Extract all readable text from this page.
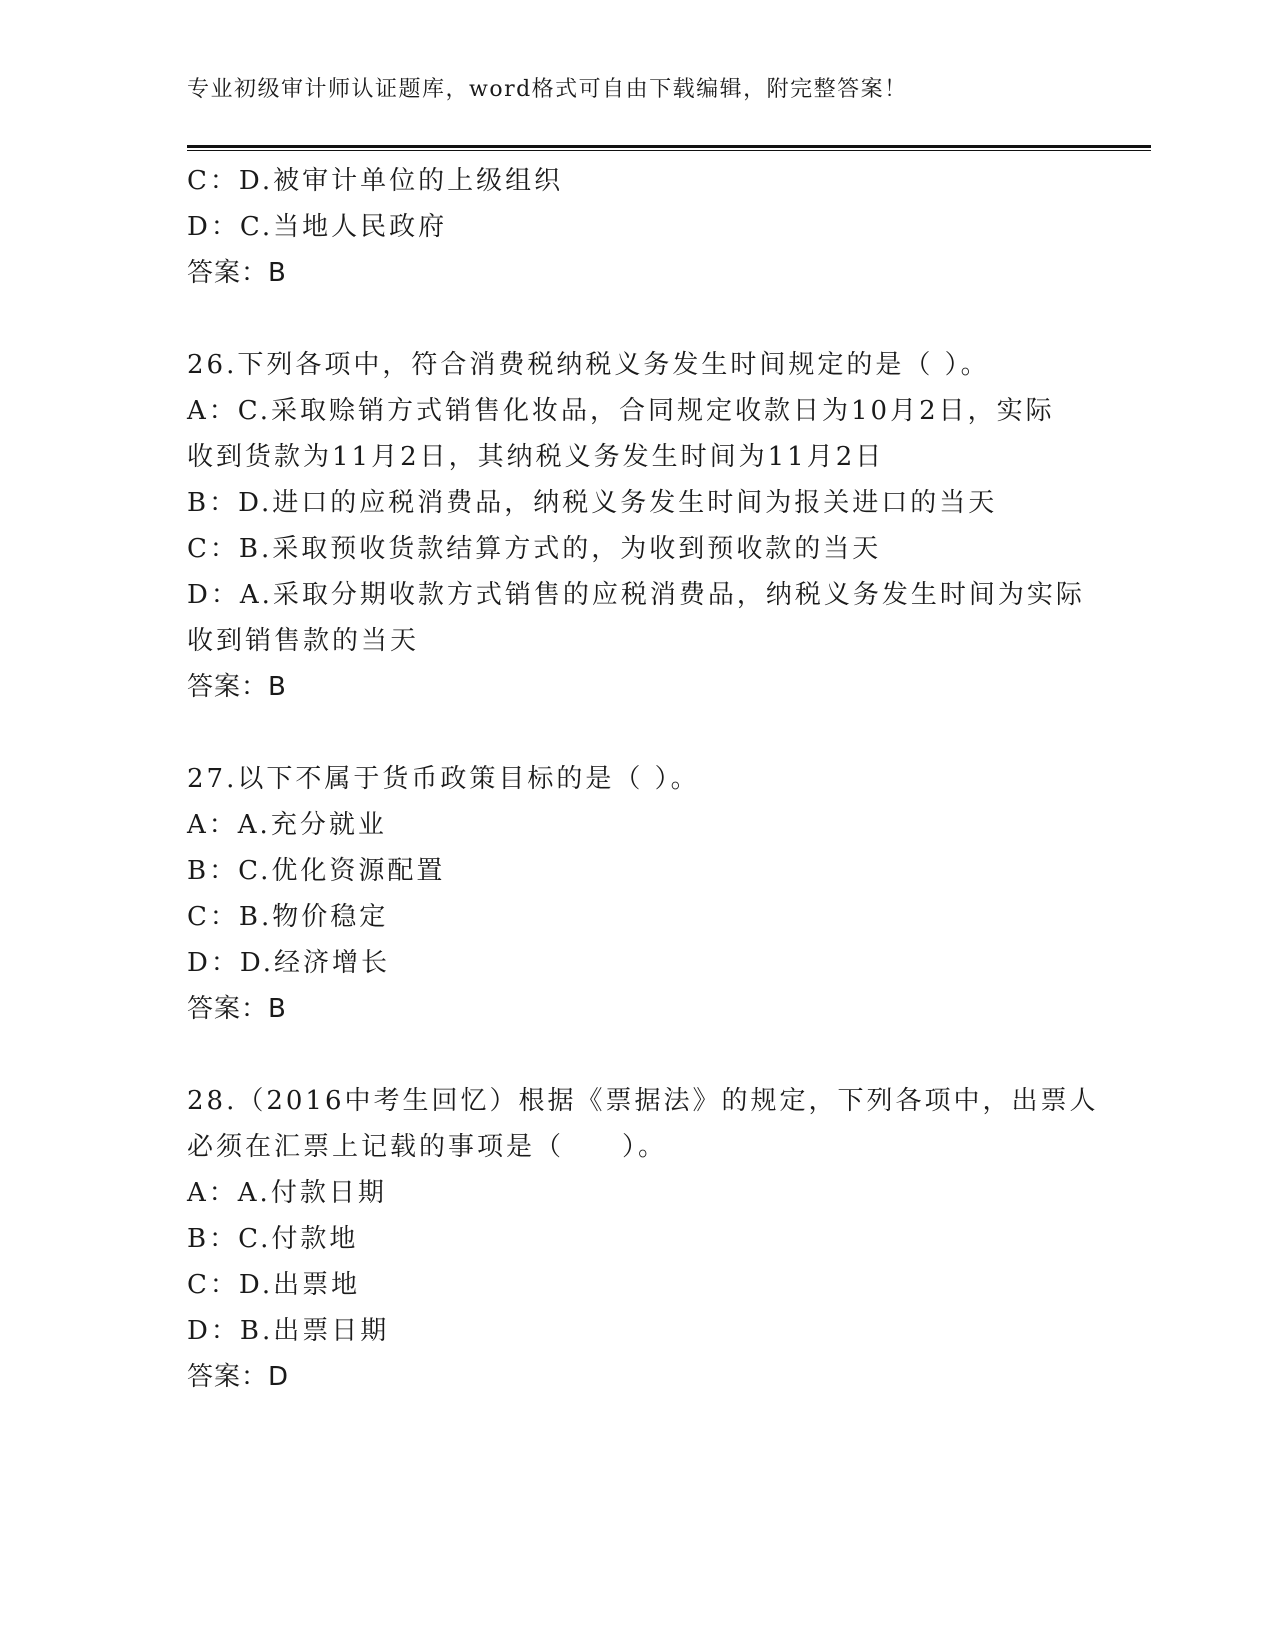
专业初级审计师认证题库，word格式可自由下载编辑，附完整答案！
C：D.被审计单位的上级组织
D：C.当地人民政府
答案：B
26.下列各项中，符合消费税纳税义务发生时间规定的是（ ）。
A：C.采取赊销方式销售化妆品，合同规定收款日为10月2日，实际
收到货款为11月2日，其纳税义务发生时间为11月2日
B：D.进口的应税消费品，纳税义务发生时间为报关进口的当天
C：B.采取预收货款结算方式的，为收到预收款的当天
D：A.采取分期收款方式销售的应税消费品，纳税义务发生时间为实际
收到销售款的当天
答案：B
27.以下不属于货币政策目标的是（ ）。
A：A.充分就业
B：C.优化资源配置
C：B.物价稳定
D：D.经济增长
答案：B
28.（2016中考生回忆）根据《票据法》的规定，下列各项中，出票人
必须在汇票上记载的事项是（　　）。
A：A.付款日期
B：C.付款地
C：D.出票地
D：B.出票日期
答案：D
